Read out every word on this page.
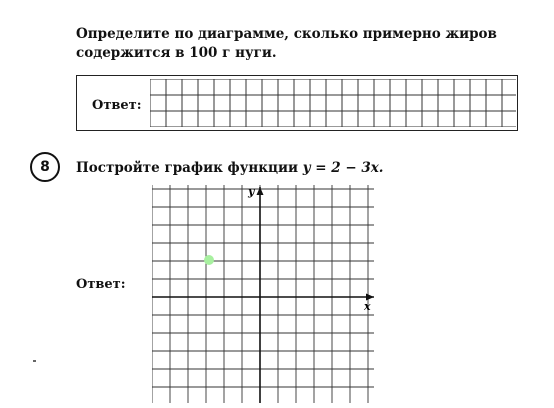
Определите по диаграмме, сколько примерно жиров содержится в 100 г нуги.
Ответ:
8 Постройте график функции y = 2 − 3x.
Ответ:
x
y
